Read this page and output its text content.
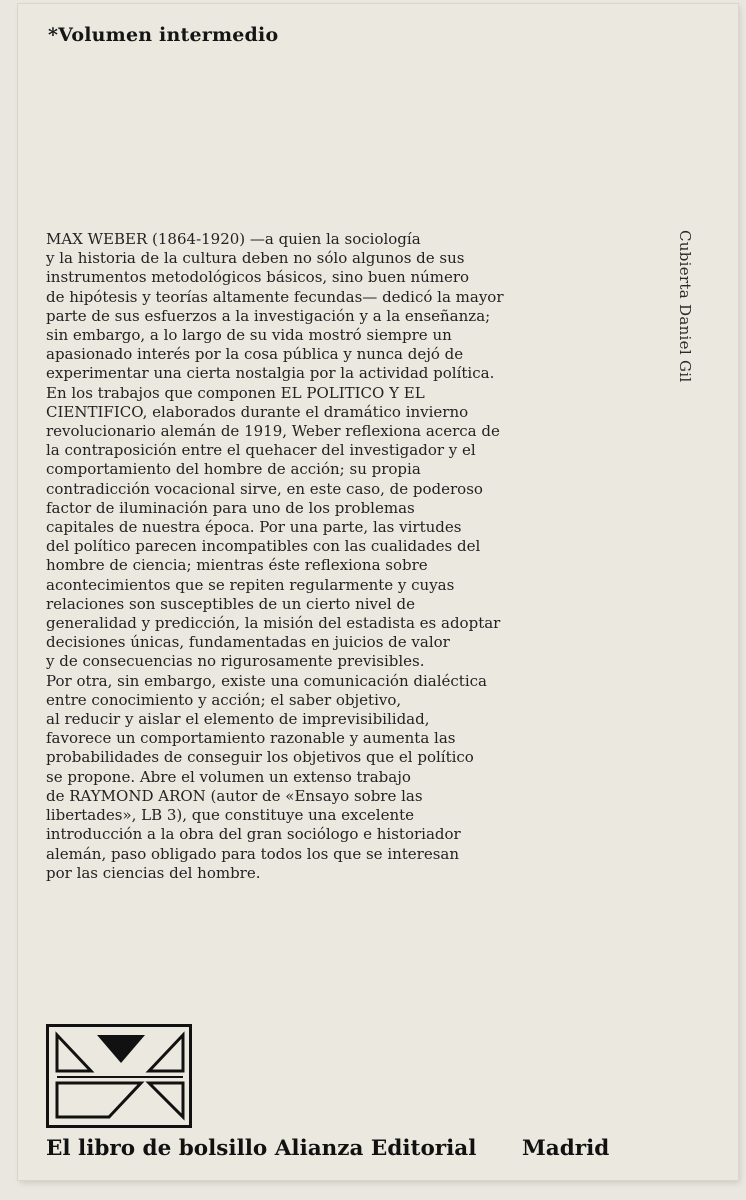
*Volumen intermedio

MAX WEBER (1864-1920) —a quien la sociología
y la historia de la cultura deben no sólo algunos de sus
instrumentos metodológicos básicos, sino buen número
de hipótesis y teorías altamente fecundas— dedicó la mayor
parte de sus esfuerzos a la investigación y a la enseñanza;
sin embargo, a lo largo de su vida mostró siempre un
apasionado interés por la cosa pública y nunca dejó de
experimentar una cierta nostalgia por la actividad política.
En los trabajos que componen EL POLITICO Y EL
CIENTIFICO, elaborados durante el dramático invierno
revolucionario alemán de 1919, Weber reflexiona acerca de
la contraposición entre el quehacer del investigador y el
comportamiento del hombre de acción; su propia
contradicción vocacional sirve, en este caso, de poderoso
factor de iluminación para uno de los problemas
capitales de nuestra época. Por una parte, las virtudes
del político parecen incompatibles con las cualidades del
hombre de ciencia; mientras éste reflexiona sobre
acontecimientos que se repiten regularmente y cuyas
relaciones son susceptibles de un cierto nivel de
generalidad y predicción, la misión del estadista es adoptar
decisiones únicas, fundamentadas en juicios de valor
y de consecuencias no rigurosamente previsibles.
Por otra, sin embargo, existe una comunicación dialéctica
entre conocimiento y acción; el saber objetivo,
al reducir y aislar el elemento de imprevisibilidad,
favorece un comportamiento razonable y aumenta las
probabilidades de conseguir los objetivos que el político
se propone. Abre el volumen un extenso trabajo
de RAYMOND ARON (autor de «Ensayo sobre las
libertades», LB 3), que constituye una excelente
introducción a la obra del gran sociólogo e historiador
alemán, paso obligado para todos los que se interesan
por las ciencias del hombre.

Cubierta Daniel Gil
El libro de bolsillo Alianza Editorial Madrid
